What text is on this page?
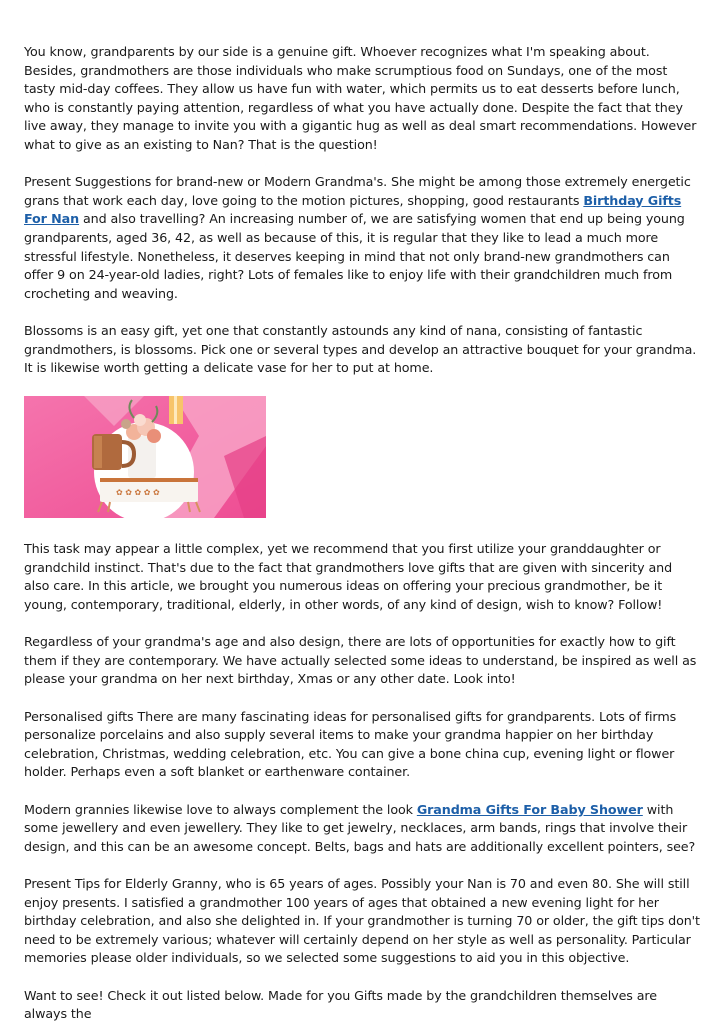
You know, grandparents by our side is a genuine gift. Whoever recognizes what I'm speaking about. Besides, grandmothers are those individuals who make scrumptious food on Sundays, one of the most tasty mid-day coffees. They allow us have fun with water, which permits us to eat desserts before lunch, who is constantly paying attention, regardless of what you have actually done. Despite the fact that they live away, they manage to invite you with a gigantic hug as well as deal smart recommendations. However what to give as an existing to Nan? That is the question!

Present Suggestions for brand-new or Modern Grandma's. She might be among those extremely energetic grans that work each day, love going to the motion pictures, shopping, good restaurants Birthday Gifts For Nan and also travelling? An increasing number of, we are satisfying women that end up being young grandparents, aged 36, 42, as well as because of this, it is regular that they like to lead a much more stressful lifestyle. Nonetheless, it deserves keeping in mind that not only brand-new grandmothers can offer 9 on 24-year-old ladies, right? Lots of females like to enjoy life with their grandchildren much from crocheting and weaving.

Blossoms is an easy gift, yet one that constantly astounds any kind of nana, consisting of fantastic grandmothers, is blossoms. Pick one or several types and develop an attractive bouquet for your grandma. It is likewise worth getting a delicate vase for her to put at home.

✿ ✿ ✿ ✿ ✿

This task may appear a little complex, yet we recommend that you first utilize your granddaughter or grandchild instinct. That's due to the fact that grandmothers love gifts that are given with sincerity and also care. In this article, we brought you numerous ideas on offering your precious grandmother, be it young, contemporary, traditional, elderly, in other words, of any kind of design, wish to know? Follow!

Regardless of your grandma's age and also design, there are lots of opportunities for exactly how to gift them if they are contemporary. We have actually selected some ideas to understand, be inspired as well as please your grandma on her next birthday, Xmas or any other date. Look into!

Personalised gifts There are many fascinating ideas for personalised gifts for grandparents. Lots of firms personalize porcelains and also supply several items to make your grandma happier on her birthday celebration, Christmas, wedding celebration, etc. You can give a bone china cup, evening light or flower holder. Perhaps even a soft blanket or earthenware container.

Modern grannies likewise love to always complement the look Grandma Gifts For Baby Shower with some jewellery and even jewellery. They like to get jewelry, necklaces, arm bands, rings that involve their design, and this can be an awesome concept. Belts, bags and hats are additionally excellent pointers, see?

Present Tips for Elderly Granny, who is 65 years of ages. Possibly your Nan is 70 and even 80. She will still enjoy presents. I satisfied a grandmother 100 years of ages that obtained a new evening light for her birthday celebration, and also she delighted in. If your grandmother is turning 70 or older, the gift tips don't need to be extremely various; whatever will certainly depend on her style as well as personality. Particular memories please older individuals, so we selected some suggestions to aid you in this objective.

Want to see! Check it out listed below. Made for you Gifts made by the grandchildren themselves are always the
